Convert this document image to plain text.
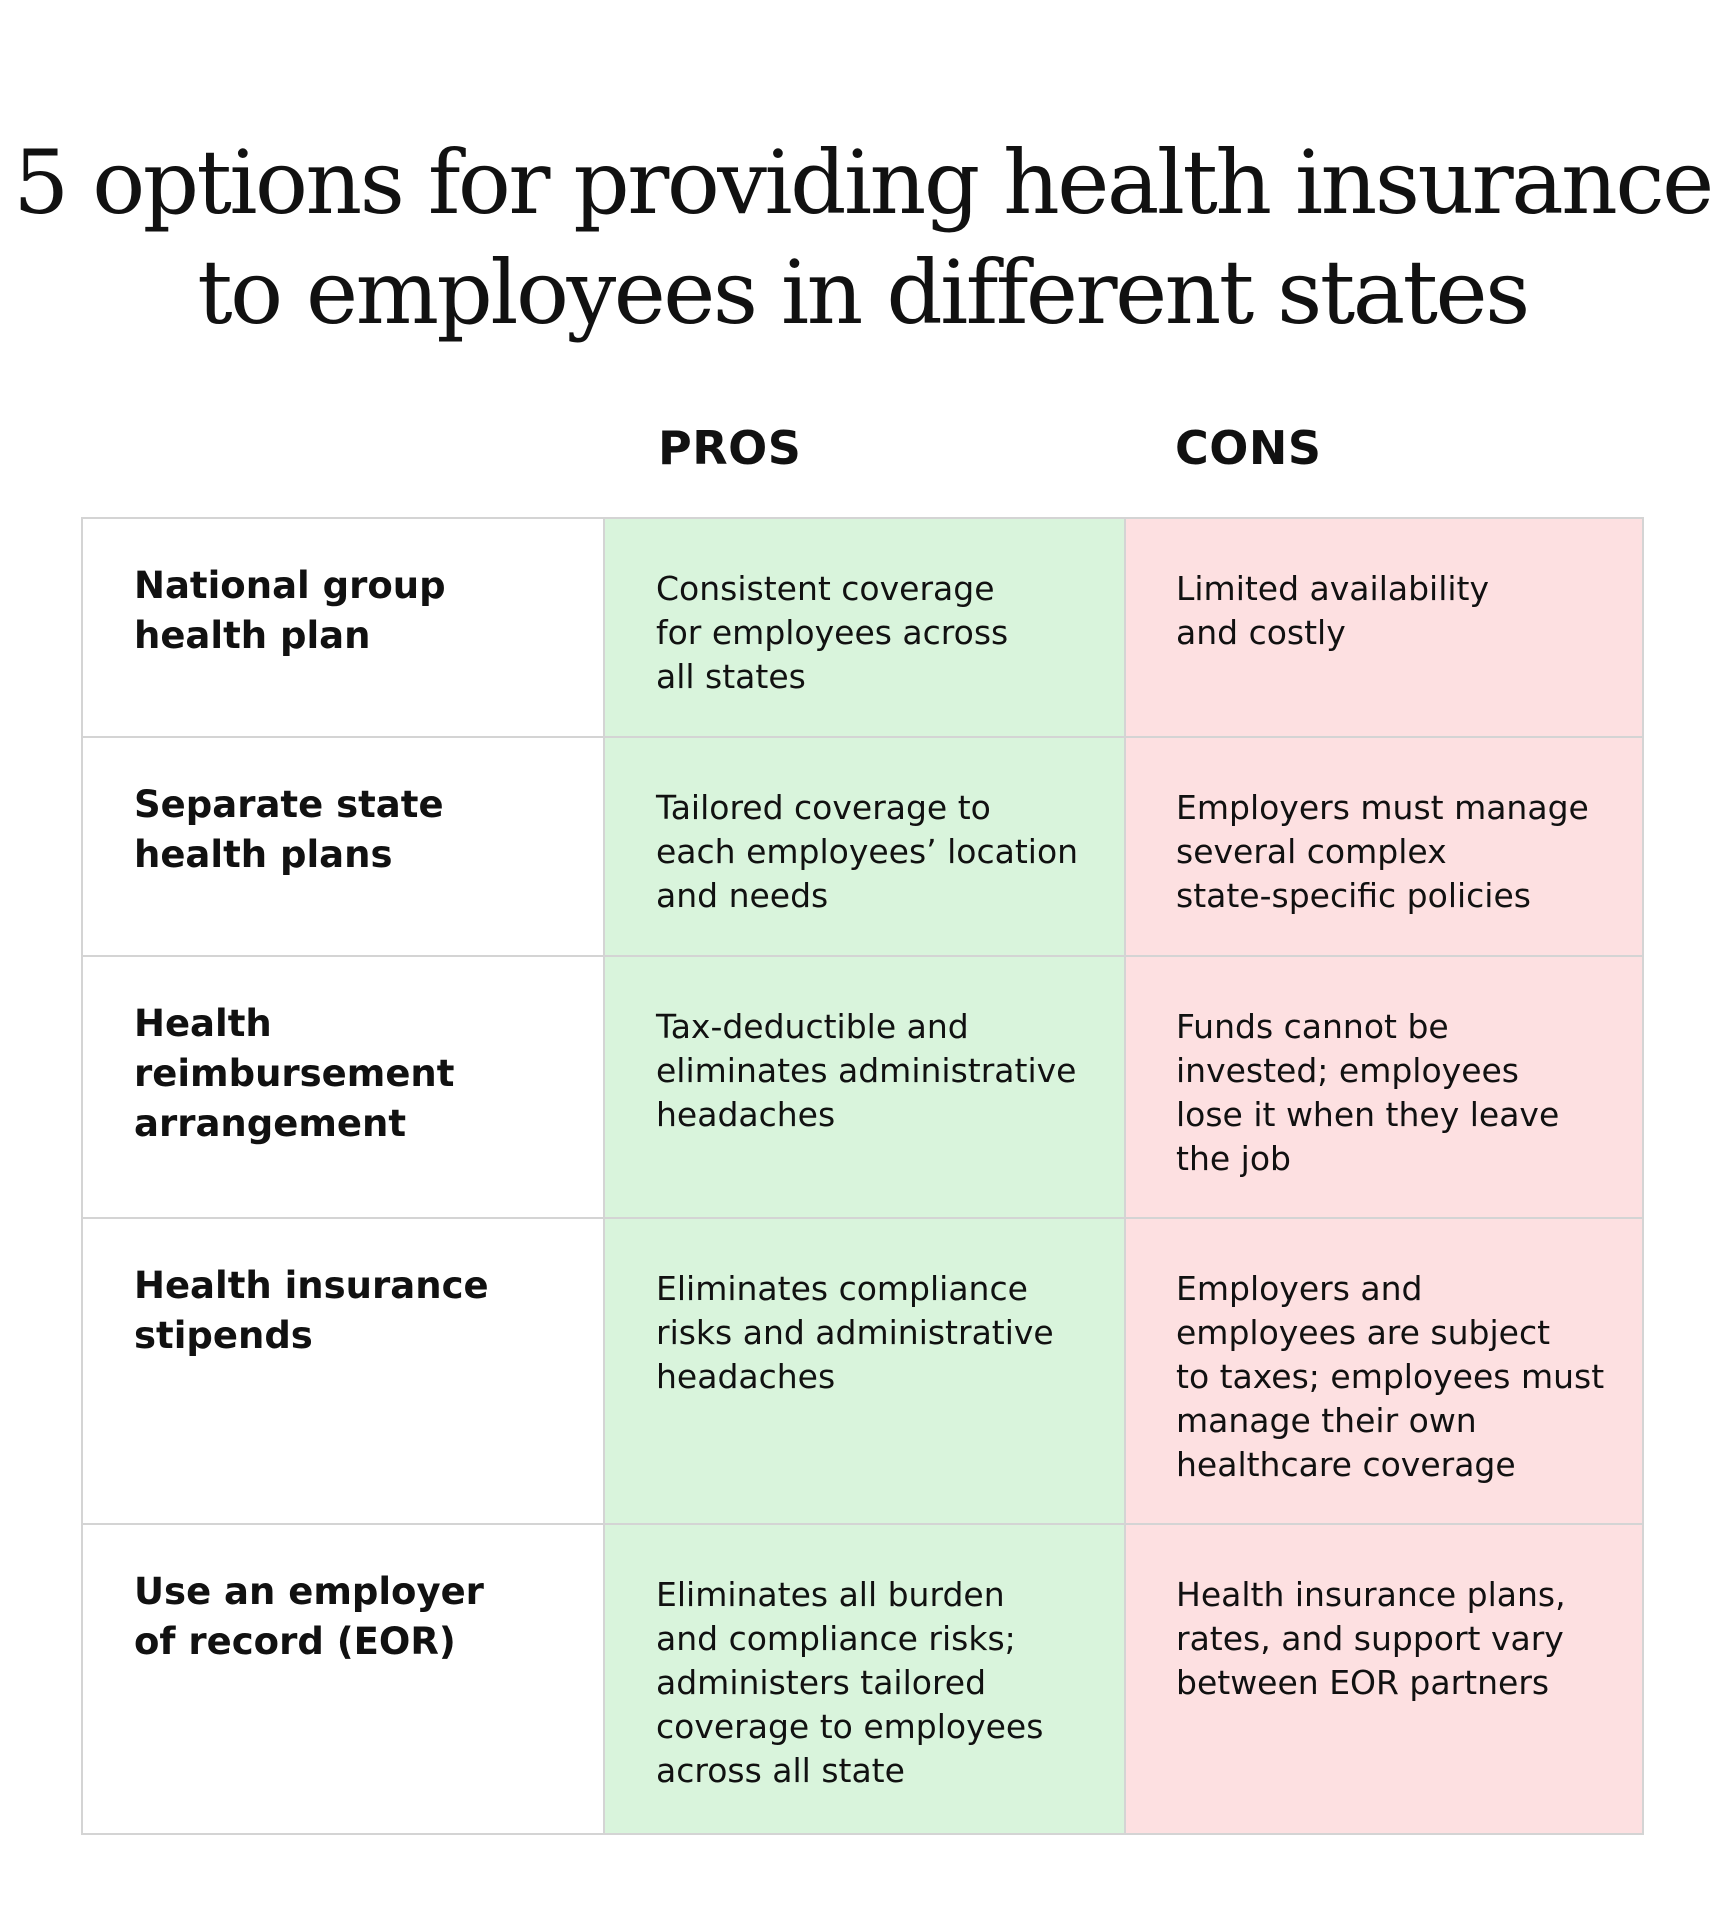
5 options for providing health insurance
to employees in different states
PROS	CONS
National group
health plan
Consistent coverage
for employees across
all states
Limited availability
and costly
Separate state
health plans
Tailored coverage to
each employees’ location
and needs
Employers must manage
several complex
state-specific policies
Health
reimbursement
arrangement
Tax-deductible and
eliminates administrative
headaches
Funds cannot be
invested; employees
lose it when they leave
the job
Health insurance
stipends
Eliminates compliance
risks and administrative
headaches
Employers and
employees are subject
to taxes; employees must
manage their own
healthcare coverage
Use an employer
of record (EOR)
Eliminates all burden
and compliance risks;
administers tailored
coverage to employees
across all state
Health insurance plans,
rates, and support vary
between EOR partners
